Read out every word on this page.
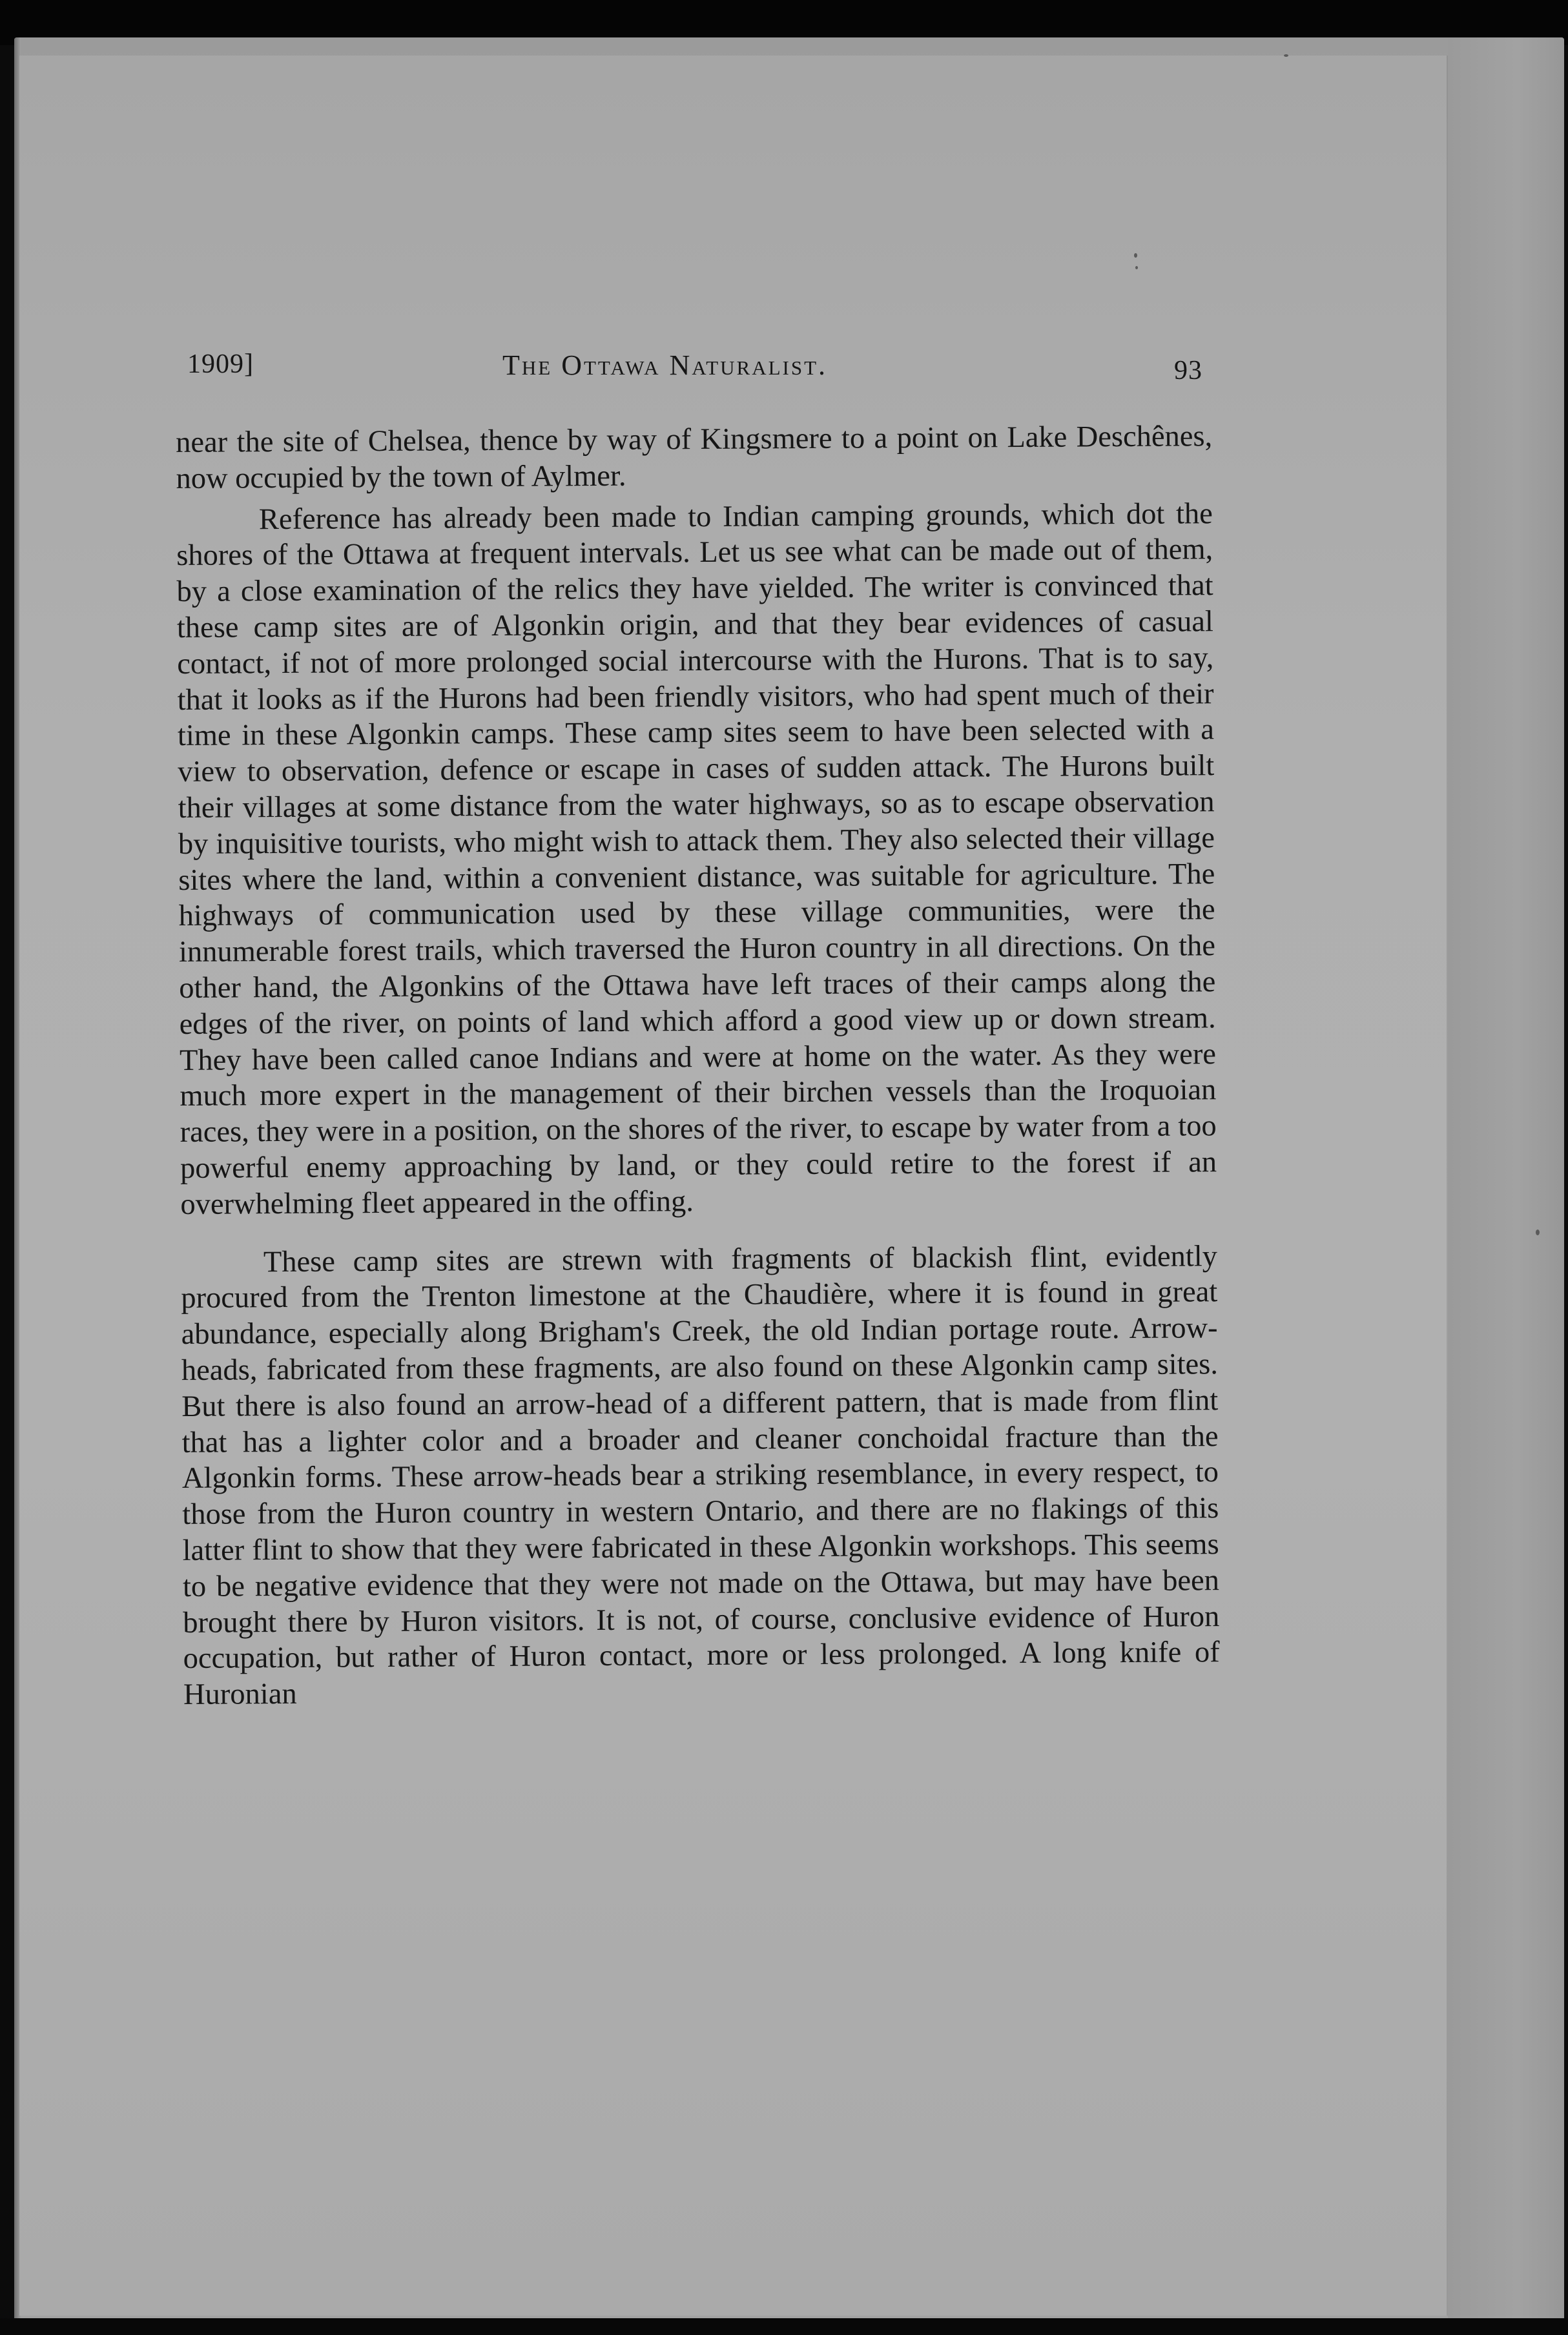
1909]	The Ottawa Naturalist.	93

near the site of Chelsea, thence by way of Kingsmere to a point on Lake Deschênes, now occupied by the town of Aylmer.

Reference has already been made to Indian camping grounds, which dot the shores of the Ottawa at frequent intervals. Let us see what can be made out of them, by a close examination of the relics they have yielded. The writer is convinced that these camp sites are of Algonkin origin, and that they bear evidences of casual contact, if not of more prolonged social intercourse with the Hurons. That is to say, that it looks as if the Hurons had been friendly visitors, who had spent much of their time in these Algonkin camps. These camp sites seem to have been selected with a view to observation, defence or escape in cases of sudden attack. The Hurons built their villages at some distance from the water highways, so as to escape observation by inquisitive tourists, who might wish to attack them. They also selected their village sites where the land, within a convenient distance, was suitable for agriculture. The highways of communication used by these village communities, were the innumerable forest trails, which traversed the Huron country in all directions. On the other hand, the Algonkins of the Ottawa have left traces of their camps along the edges of the river, on points of land which afford a good view up or down stream. They have been called canoe Indians and were at home on the water. As they were much more expert in the management of their birchen vessels than the Iroquoian races, they were in a position, on the shores of the river, to escape by water from a too powerful enemy approaching by land, or they could retire to the forest if an overwhelming fleet appeared in the offing.

These camp sites are strewn with fragments of blackish flint, evidently procured from the Trenton limestone at the Chaudière, where it is found in great abundance, especially along Brigham's Creek, the old Indian portage route. Arrow-heads, fabricated from these fragments, are also found on these Algonkin camp sites. But there is also found an arrow-head of a different pattern, that is made from flint that has a lighter color and a broader and cleaner conchoidal fracture than the Algonkin forms. These arrow-heads bear a striking resemblance, in every respect, to those from the Huron country in western Ontario, and there are no flakings of this latter flint to show that they were fabricated in these Algonkin workshops. This seems to be negative evidence that they were not made on the Ottawa, but may have been brought there by Huron visitors. It is not, of course, conclusive evidence of Huron occupation, but rather of Huron contact, more or less prolonged. A long knife of Huronian
